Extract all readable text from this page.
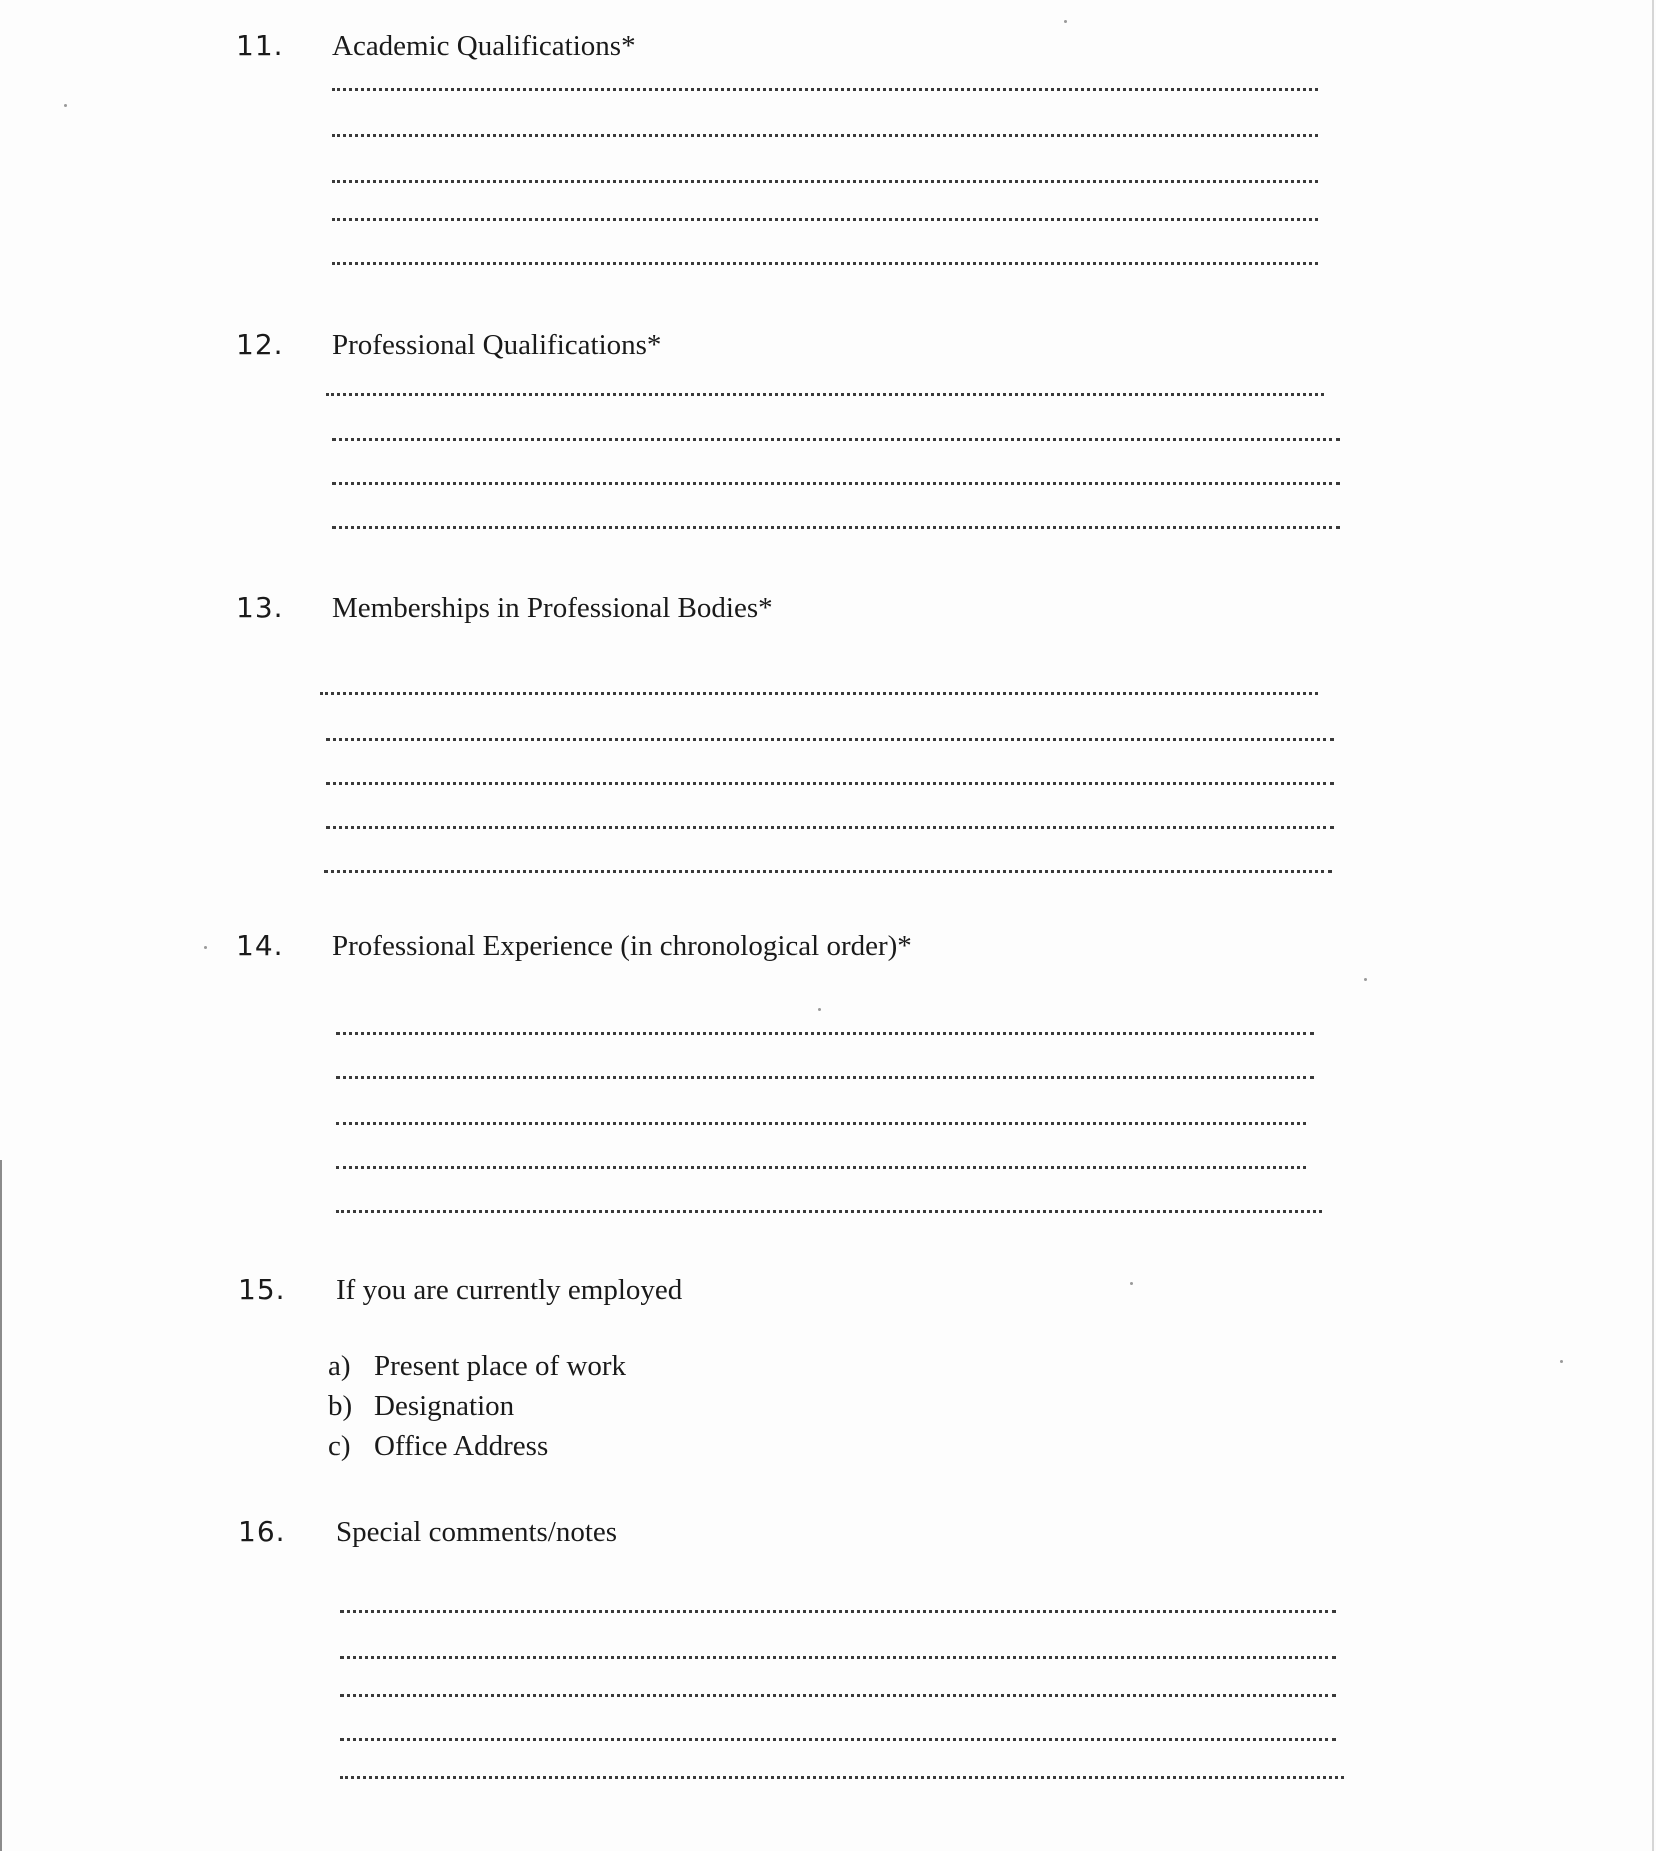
11. Academic Qualifications*
12. Professional Qualifications*
13. Memberships in Professional Bodies*
14. Professional Experience (in chronological order)*
15. If you are currently employed
a) Present place of work
b) Designation
c) Office Address
16. Special comments/notes
